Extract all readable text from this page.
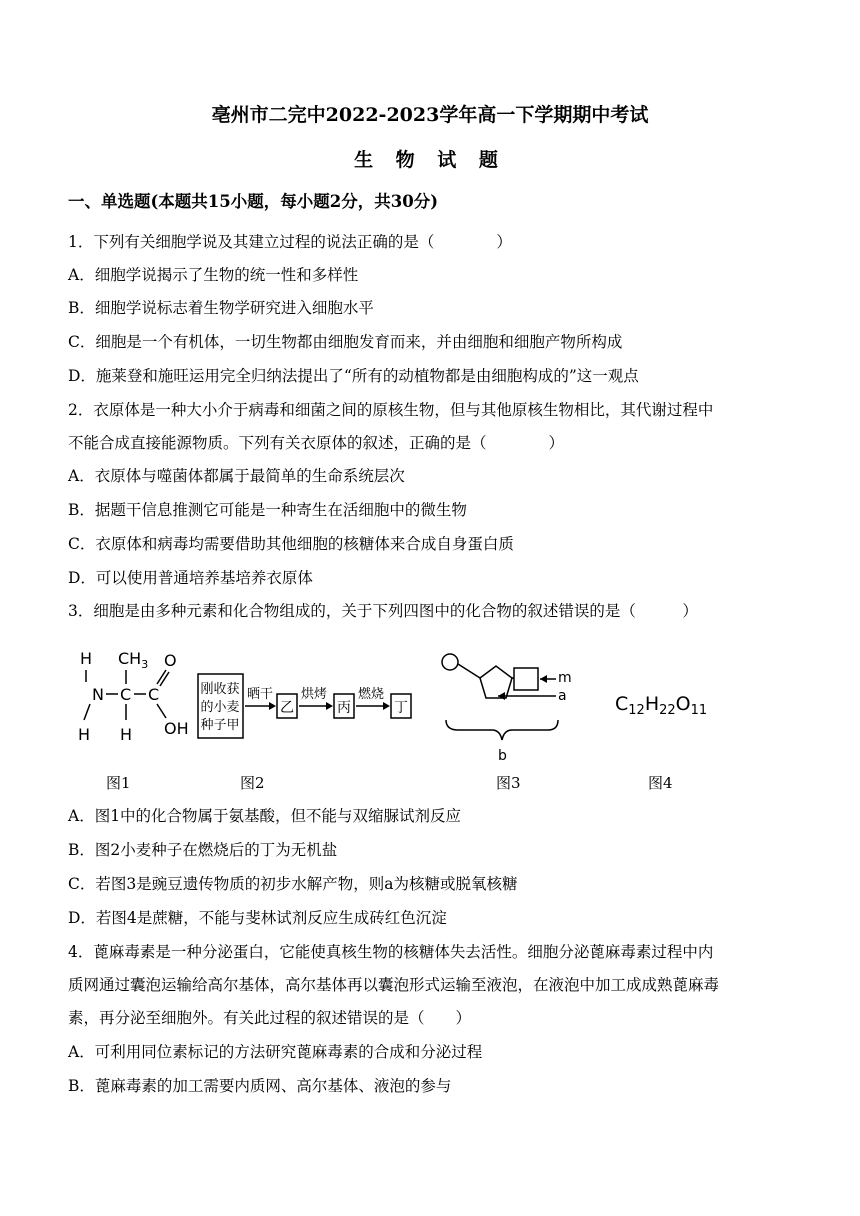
亳州市二完中2022-2023学年高一下学期期中考试
生 物 试 题
一、单选题(本题共15小题，每小题2分，共30分)
1．下列有关细胞学说及其建立过程的说法正确的是（　　　　）
A．细胞学说揭示了生物的统一性和多样性
B．细胞学说标志着生物学研究进入细胞水平
C．细胞是一个有机体，一切生物都由细胞发育而来，并由细胞和细胞产物所构成
D．施莱登和施旺运用完全归纳法提出了“所有的动植物都是由细胞构成的”这一观点
2．衣原体是一种大小介于病毒和细菌之间的原核生物，但与其他原核生物相比，其代谢过程中
不能合成直接能源物质。下列有关衣原体的叙述，正确的是（　　　　）
A．衣原体与噬菌体都属于最简单的生命系统层次
B．据题干信息推测它可能是一种寄生在活细胞中的微生物
C．衣原体和病毒均需要借助其他细胞的核糖体来合成自身蛋白质
D．可以使用普通培养基培养衣原体
3．细胞是由多种元素和化合物组成的，关于下列四图中的化合物的叙述错误的是（　　　）
H
N
H
C
$CH_3$
H
C
O
OH
刚收获
的小麦
种子甲
晒干
乙
烘烤
丙
燃烧
丁
m
a
b
$C_{12}H_{22}O_{11}$
图1	图2	图3	图4
A．图1中的化合物属于氨基酸，但不能与双缩脲试剂反应
B．图2小麦种子在燃烧后的丁为无机盐
C．若图3是豌豆遗传物质的初步水解产物，则a为核糖或脱氧核糖
D．若图4是蔗糖，不能与斐林试剂反应生成砖红色沉淀
4．蓖麻毒素是一种分泌蛋白，它能使真核生物的核糖体失去活性。细胞分泌蓖麻毒素过程中内
质网通过囊泡运输给高尔基体，高尔基体再以囊泡形式运输至液泡，在液泡中加工成成熟蓖麻毒
素，再分泌至细胞外。有关此过程的叙述错误的是（　　）
A．可利用同位素标记的方法研究蓖麻毒素的合成和分泌过程
B．蓖麻毒素的加工需要内质网、高尔基体、液泡的参与
